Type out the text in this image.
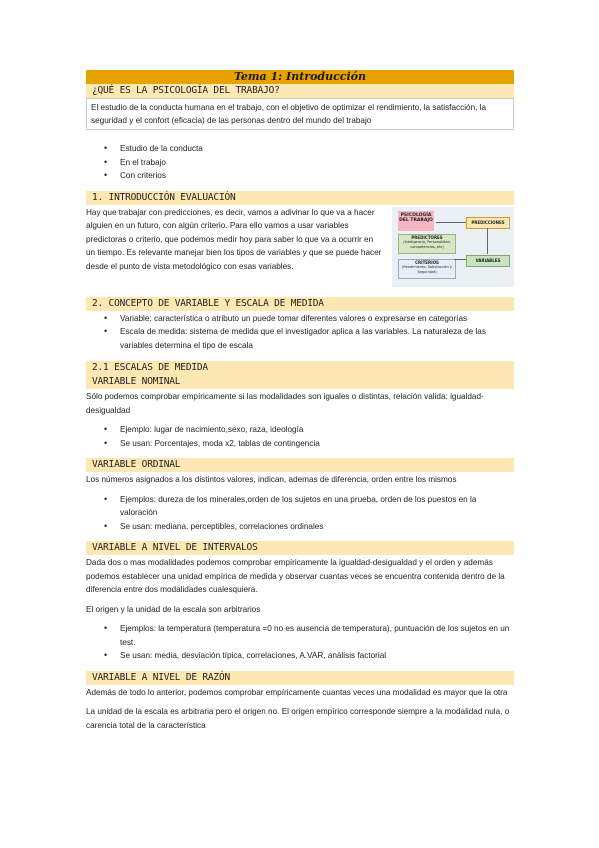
Tema 1: Introducción
¿QUÉ ES LA PSICOLOGÍA DEL TRABAJO?
El estudio de la conducta humana en el trabajo, con el objetivo de optimizar el rendimiento, la satisfacción, la seguridad y el confort (eficacia) de las personas dentro del mundo del trabajo
• Estudio de la conducta
• En el trabajo
• Con criterios
1. INTRODUCCIÓN EVALUACIÓN

Hay que trabajar con predicciones, es decir, vamos a adivinar lo que va a hacer alguien en un futuro, con algún criterio. Para ello vamos a usar variables predictoras o criterio, que podemos medir hoy para saber lo que va a ocurrir en un tiempo. Es relevante manejar bien los tipos de variables y que se puede hacer desde el punto de vista metodológico con esas variables.

PSICOLOGÍA DEL TRABAJO	PREDICCIONES
PREDICTORES
(Inteligencia, Personalidad, competencias, etc)
CRITERIOS
(Rendimiento, Satisfacción y Seguridad)
VARIABLES
2. CONCEPTO DE VARIABLE Y ESCALA DE MEDIDA
• Variable: característica o atributo un puede tomar diferentes valores o expresarse en categorías
• Escala de medida: sistema de medida que el investigador aplica a las variables. La naturaleza de las variables determina el tipo de escala
2.1 ESCALAS DE MEDIDA
VARIABLE NOMINAL

Sólo podemos comprobar empíricamente si las modalidades son iguales o distintas, relación valida: igualdad-desigualdad

• Ejemplo: lugar de nacimiento,sexo, raza, ideología
• Se usan: Porcentajes, moda x2, tablas de contingencia
VARIABLE ORDINAL

Los números asignados a los distintos valores, indican, ademas de diferencia, orden entre los mismos

• Ejemplos: dureza de los minerales,orden de los sujetos en una prueba, orden de los puestos en la valoración
• Se usan: mediana, perceptibles, correlaciones ordinales
VARIABLE A NIVEL DE INTERVALOS

Dada dos o mas modalidades podemos comprobar empíricamente la igualdad-desigualdad y el orden y además podemos establecer una unidad empírica de medida y observar cuantas veces se encuentra contenida dentro de la diferencia entre dos modalidades cualesquiera.

El origen y la unidad de la escala son arbitrarios

• Ejemplos: la temperatura (temperatura =0 no es ausencia de temperatura), puntuación de los sujetos en un test.
• Se usan: media, desviación típica, correlaciones, A.VAR, análisis factorial
VARIABLE A NIVEL DE RAZÓN

Además de todo lo anterior, podemos comprobar empíricamente cuantas veces una modalidad es mayor que la otra

La unidad de la escala es arbitraria pero el origen no. El origen empírico corresponde siempre a la modalidad nula, o carencia total de la característica
